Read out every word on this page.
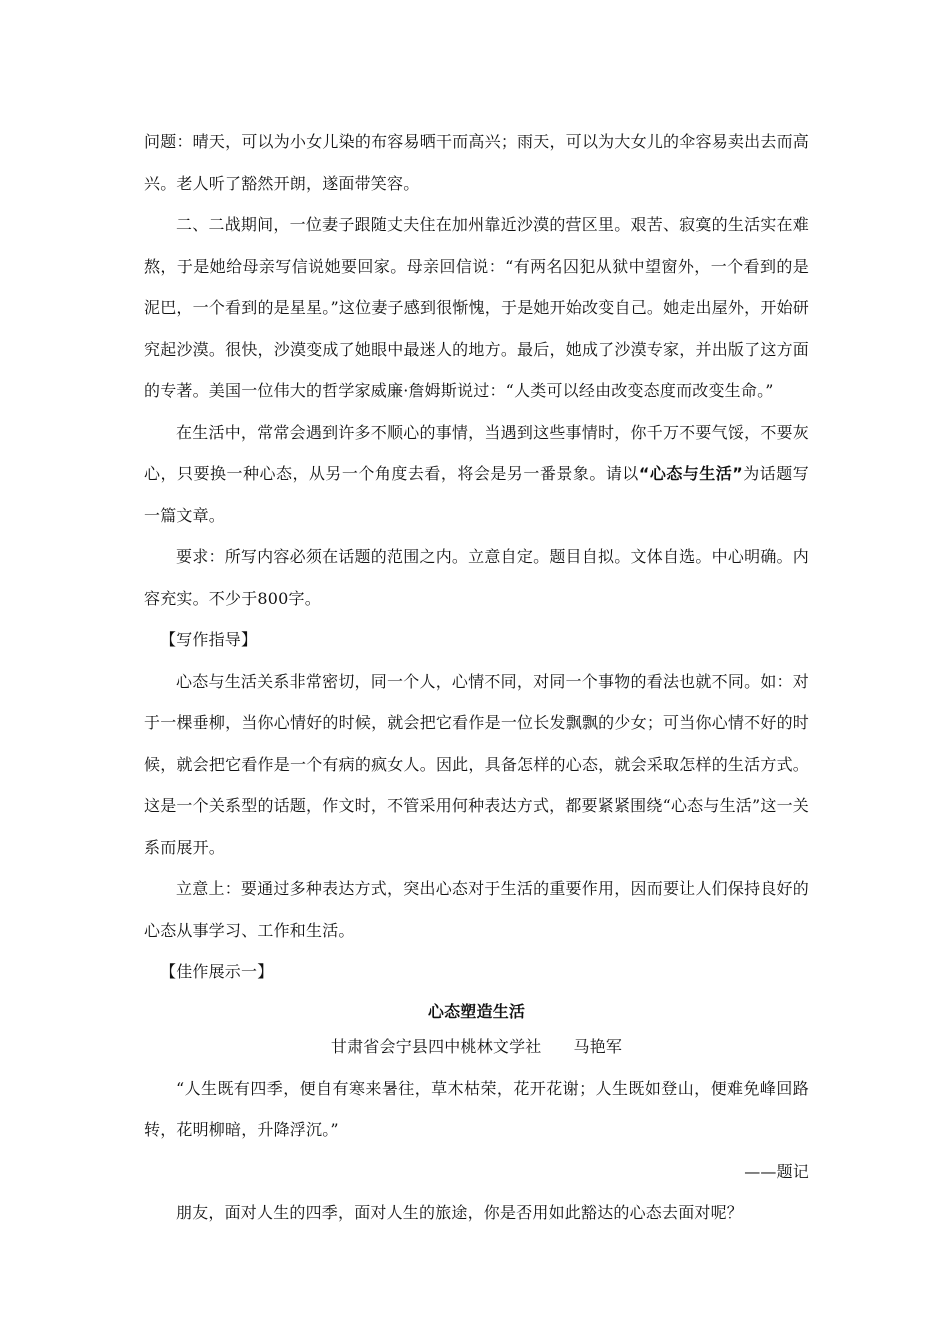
问题：晴天，可以为小女儿染的布容易晒干而高兴；雨天，可以为大女儿的伞容易卖出去而高兴。老人听了豁然开朗，遂面带笑容。

二、二战期间，一位妻子跟随丈夫住在加州靠近沙漠的营区里。艰苦、寂寞的生活实在难熬，于是她给母亲写信说她要回家。母亲回信说：“有两名囚犯从狱中望窗外，一个看到的是泥巴，一个看到的是星星。”这位妻子感到很惭愧，于是她开始改变自己。她走出屋外，开始研究起沙漠。很快，沙漠变成了她眼中最迷人的地方。最后，她成了沙漠专家，并出版了这方面的专著。美国一位伟大的哲学家威廉·詹姆斯说过：“人类可以经由改变态度而改变生命。”

在生活中，常常会遇到许多不顺心的事情，当遇到这些事情时，你千万不要气馁，不要灰心，只要换一种心态，从另一个角度去看，将会是另一番景象。请以“心态与生活”为话题写一篇文章。

要求：所写内容必须在话题的范围之内。立意自定。题目自拟。文体自选。中心明确。内容充实。不少于800字。

【写作指导】

心态与生活关系非常密切，同一个人，心情不同，对同一个事物的看法也就不同。如：对于一棵垂柳，当你心情好的时候，就会把它看作是一位长发飘飘的少女；可当你心情不好的时候，就会把它看作是一个有病的疯女人。因此，具备怎样的心态，就会采取怎样的生活方式。这是一个关系型的话题，作文时，不管采用何种表达方式，都要紧紧围绕“心态与生活”这一关系而展开。

立意上：要通过多种表达方式，突出心态对于生活的重要作用，因而要让人们保持良好的心态从事学习、工作和生活。

【佳作展示一】

心态塑造生活

甘肃省会宁县四中桃林文学社 马艳军

“人生既有四季，便自有寒来暑往，草木枯荣，花开花谢；人生既如登山，便难免峰回路转，花明柳暗，升降浮沉。”

——题记

朋友，面对人生的四季，面对人生的旅途，你是否用如此豁达的心态去面对呢？
